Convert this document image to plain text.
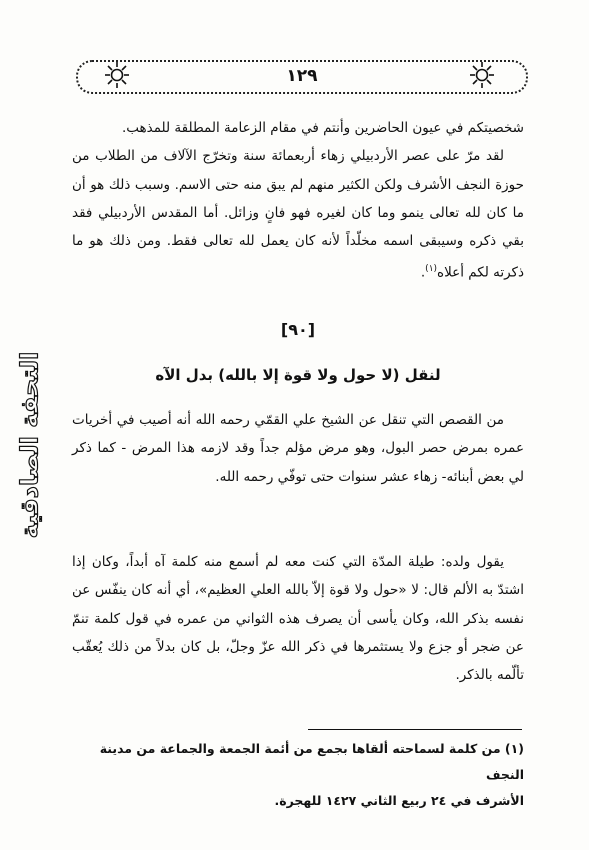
١٢٩
التحفة الصادقية

شخصيتكم في عيون الحاضرين وأنتم في مقام الزعامة المطلقة للمذهب.

لقد مرّ على عصر الأردبيلي زهاء أربعمائة سنة وتخرّج الآلاف من الطلاب من حوزة النجف الأشرف ولكن الكثير منهم لم يبق منه حتى الاسم. وسبب ذلك هو أن ما كان لله تعالى ينمو وما كان لغيره فهو فانٍ وزائل. أما المقدس الأردبيلي فقد بقي ذكره وسيبقى اسمه مخلّداً لأنه كان يعمل لله تعالى فقط. ومن ذلك هو ما ذكرته لكم أعلاه$^{(١)}$.

[٩٠]
لنقل (لا حول ولا قوة إلا بالله) بدل الآه

من القصص التي تنقل عن الشيخ علي القمّي رحمه الله أنه أصيب في أخريات عمره بمرض حصر البول، وهو مرض مؤلم جداً وقد لازمه هذا المرض - كما ذكر لي بعض أبنائه- زهاء عشر سنوات حتى توفّي رحمه الله.

يقول ولده: طيلة المدّة التي كنت معه لم أسمع منه كلمة آه أبداً، وكان إذا اشتدّ به الألم قال: لا «حول ولا قوة إلاّ بالله العلي العظيم»، أي أنه كان ينفّس عن نفسه بذكر الله، وكان يأسى أن يصرف هذه الثواني من عمره في قول كلمة تنمّ عن ضجر أو جزع ولا يستثمرها في ذكر الله عزّ وجلّ، بل كان بدلاً من ذلك يُعقّب تألّمه بالذكر.

(١) من كلمة لسماحته ألقاها بجمع من أئمة الجمعة والجماعة من مدينة النجف
الأشرف في ٢٤ ربيع الثاني ١٤٢٧ للهجرة.
